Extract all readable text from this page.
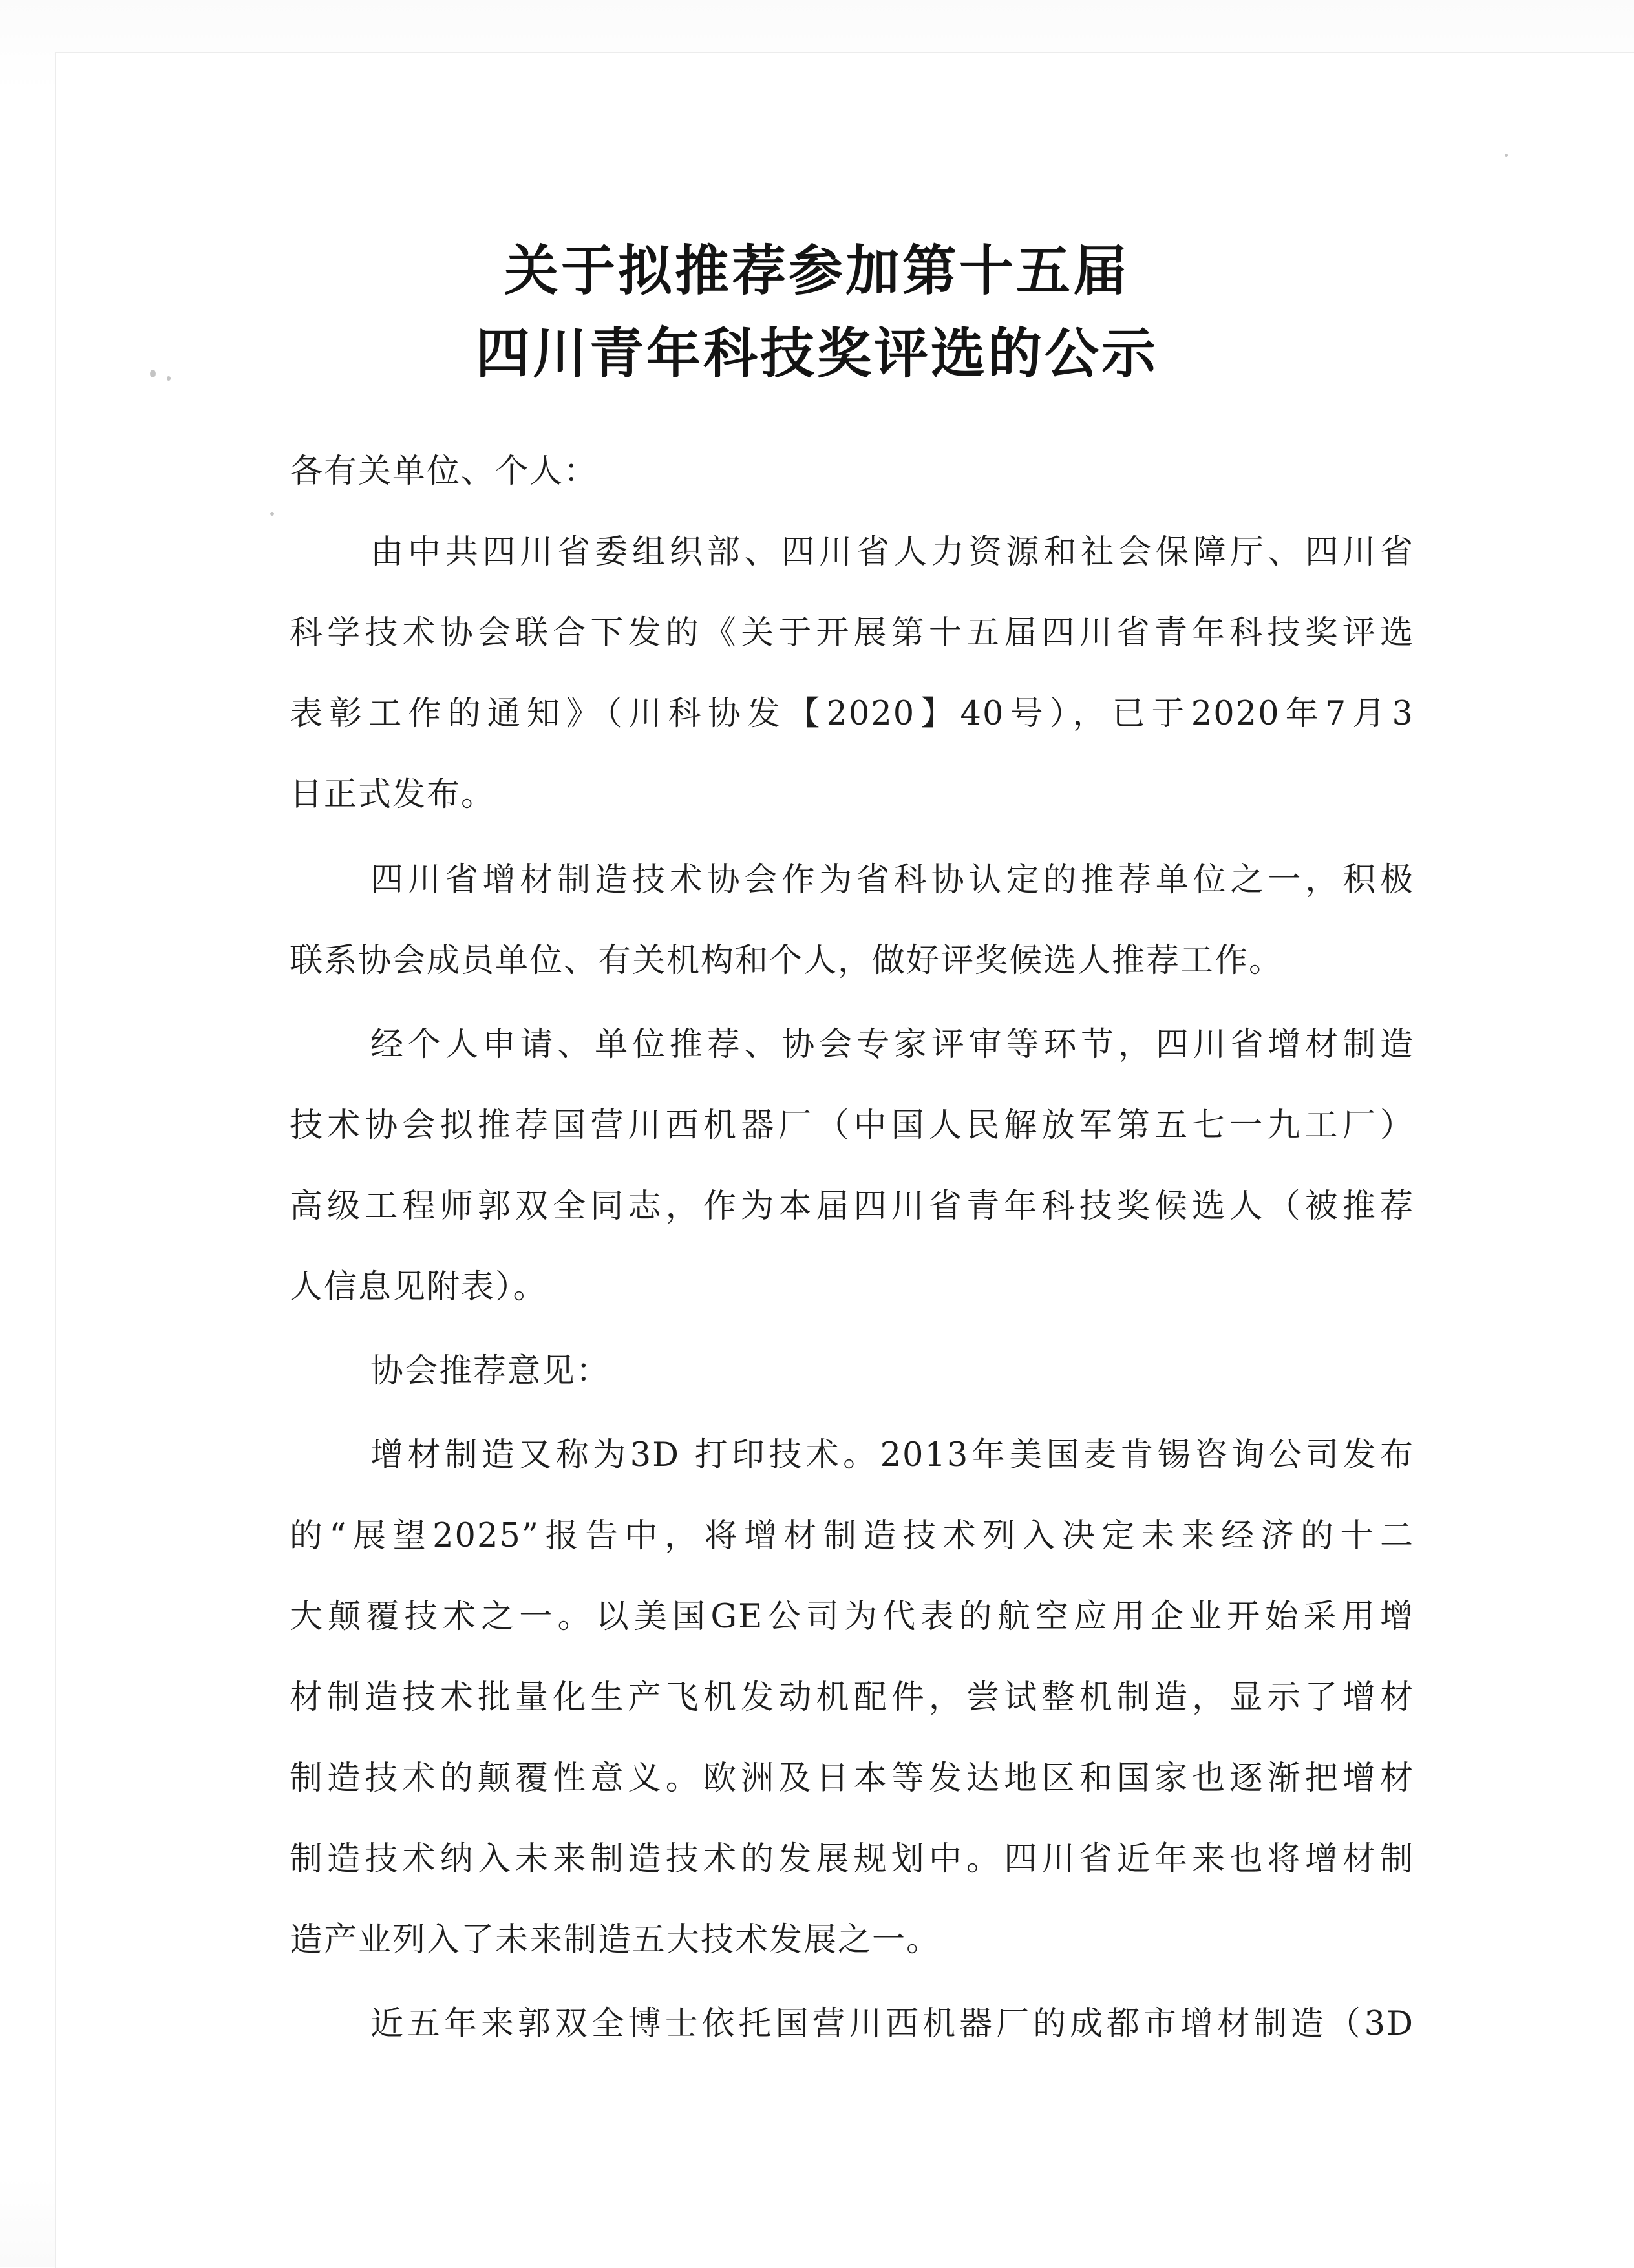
关于拟推荐参加第十五届
四川青年科技奖评选的公示
各有关单位、个人：
由中共四川省委组织部、四川省人力资源和社会保障厅、四川省
科学技术协会联合下发的《关于开展第十五届四川省青年科技奖评选
表彰工作的通知》（川科协发【2020】40号），已于2020年7月3
日正式发布。
四川省增材制造技术协会作为省科协认定的推荐单位之一，积极
联系协会成员单位、有关机构和个人，做好评奖候选人推荐工作。
经个人申请、单位推荐、协会专家评审等环节，四川省增材制造
技术协会拟推荐国营川西机器厂（中国人民解放军第五七一九工厂）
高级工程师郭双全同志，作为本届四川省青年科技奖候选人（被推荐
人信息见附表）。
协会推荐意见：
增材制造又称为3D 打印技术。2013年美国麦肯锡咨询公司发布
的“展望2025”报告中，将增材制造技术列入决定未来经济的十二
大颠覆技术之一。以美国GE公司为代表的航空应用企业开始采用增
材制造技术批量化生产飞机发动机配件，尝试整机制造，显示了增材
制造技术的颠覆性意义。欧洲及日本等发达地区和国家也逐渐把增材
制造技术纳入未来制造技术的发展规划中。四川省近年来也将增材制
造产业列入了未来制造五大技术发展之一。
近五年来郭双全博士依托国营川西机器厂的成都市增材制造（3D
